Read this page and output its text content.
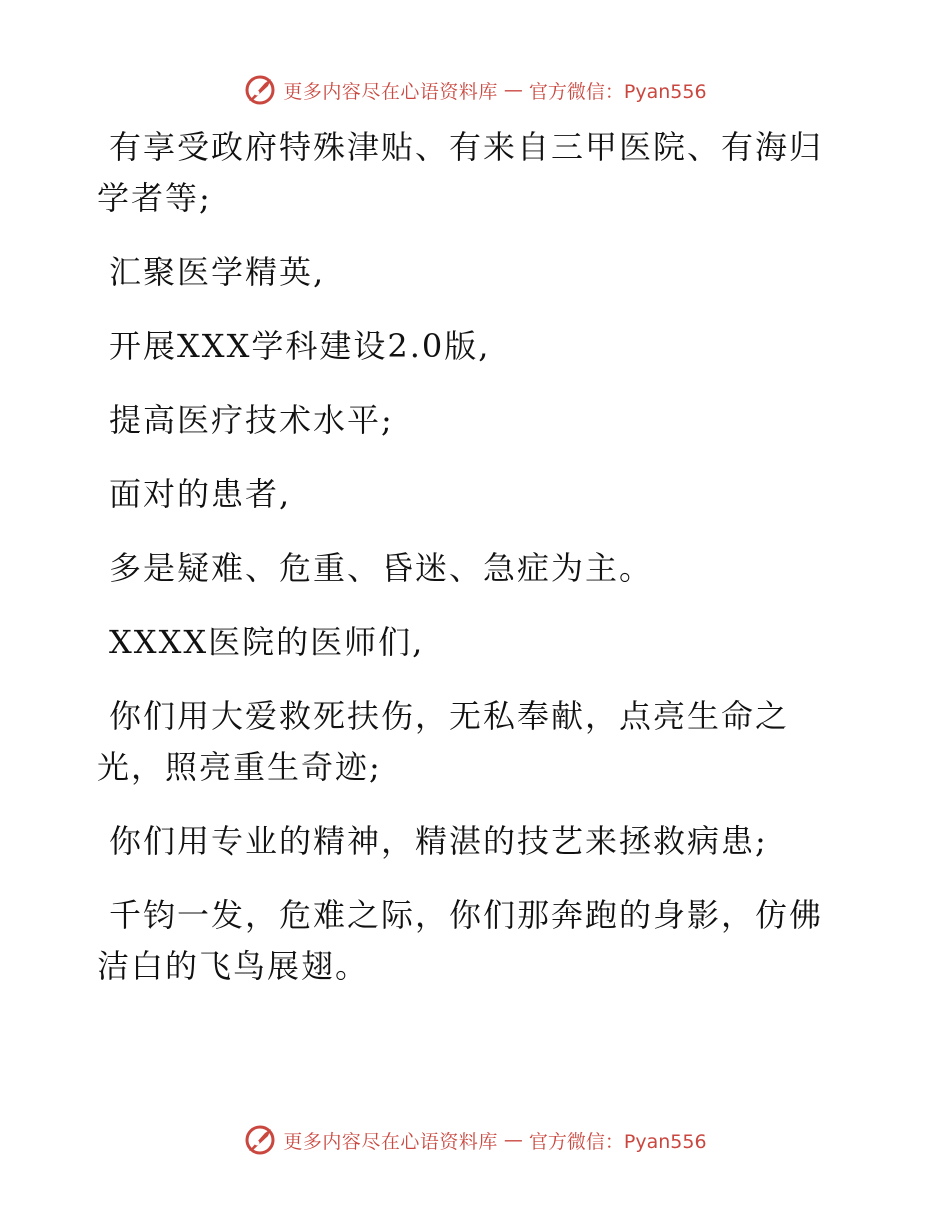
更多内容尽在心语资料库 — 官方微信：Pyan556

有享受政府特殊津贴、有来自三甲医院、有海归学者等;

汇聚医学精英,

开展XXX学科建设2.0版,

提高医疗技术水平;

面对的患者,

多是疑难、危重、昏迷、急症为主。

XXXX医院的医师们,

你们用大爱救死扶伤，无私奉献，点亮生命之光，照亮重生奇迹;

你们用专业的精神，精湛的技艺来拯救病患;

千钧一发，危难之际，你们那奔跑的身影，仿佛洁白的飞鸟展翅。

更多内容尽在心语资料库 — 官方微信：Pyan556
